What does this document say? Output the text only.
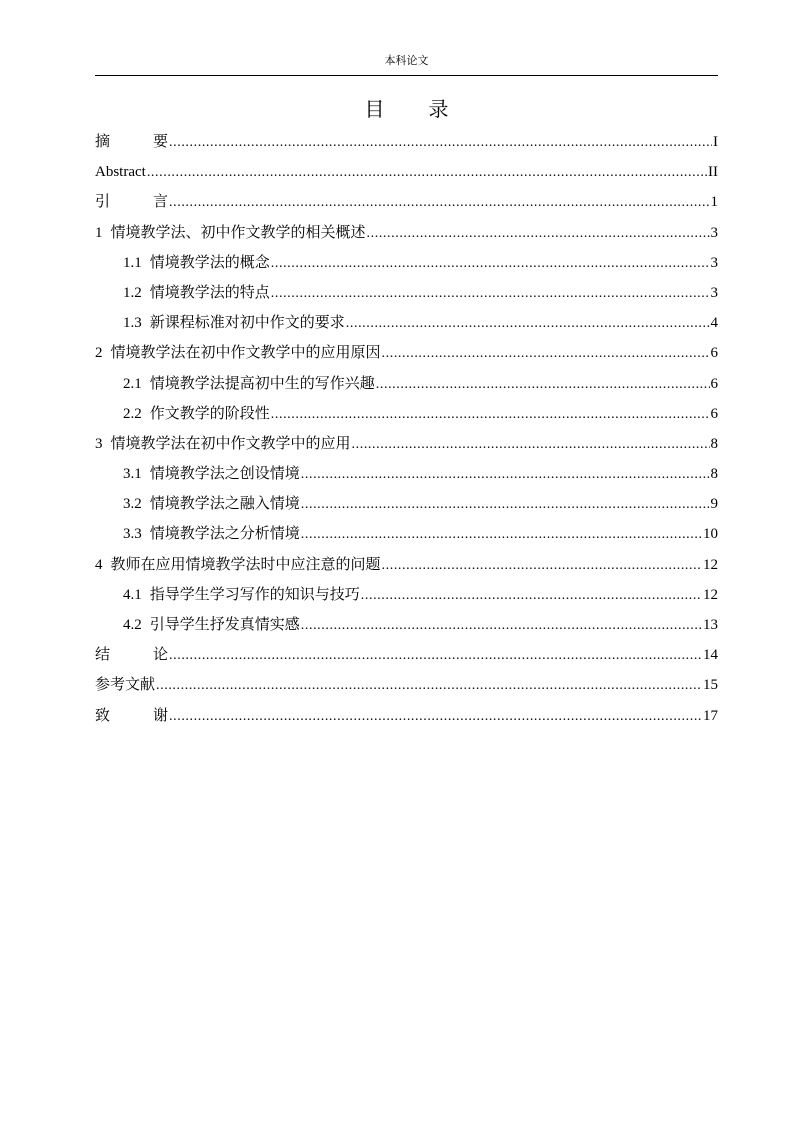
本科论文
目 录
摘	要 .....	I
Abstract .....	II
引	言 .....	1
1 情境教学法、初中作文教学的相关概述 .....	3
1.1 情境教学法的概念 .....	3
1.2 情境教学法的特点 .....	3
1.3 新课程标准对初中作文的要求 .....	4
2 情境教学法在初中作文教学中的应用原因 .....	6
2.1 情境教学法提高初中生的写作兴趣 .....	6
2.2 作文教学的阶段性 .....	6
3 情境教学法在初中作文教学中的应用 .....	8
3.1 情境教学法之创设情境 .....	8
3.2 情境教学法之融入情境 .....	9
3.3 情境教学法之分析情境 .....	10
4 教师在应用情境教学法时中应注意的问题 .....	12
4.1 指导学生学习写作的知识与技巧 .....	12
4.2 引导学生抒发真情实感 .....	13
结	论 .....	14
参考文献 .....	15
致	谢 .....	17
